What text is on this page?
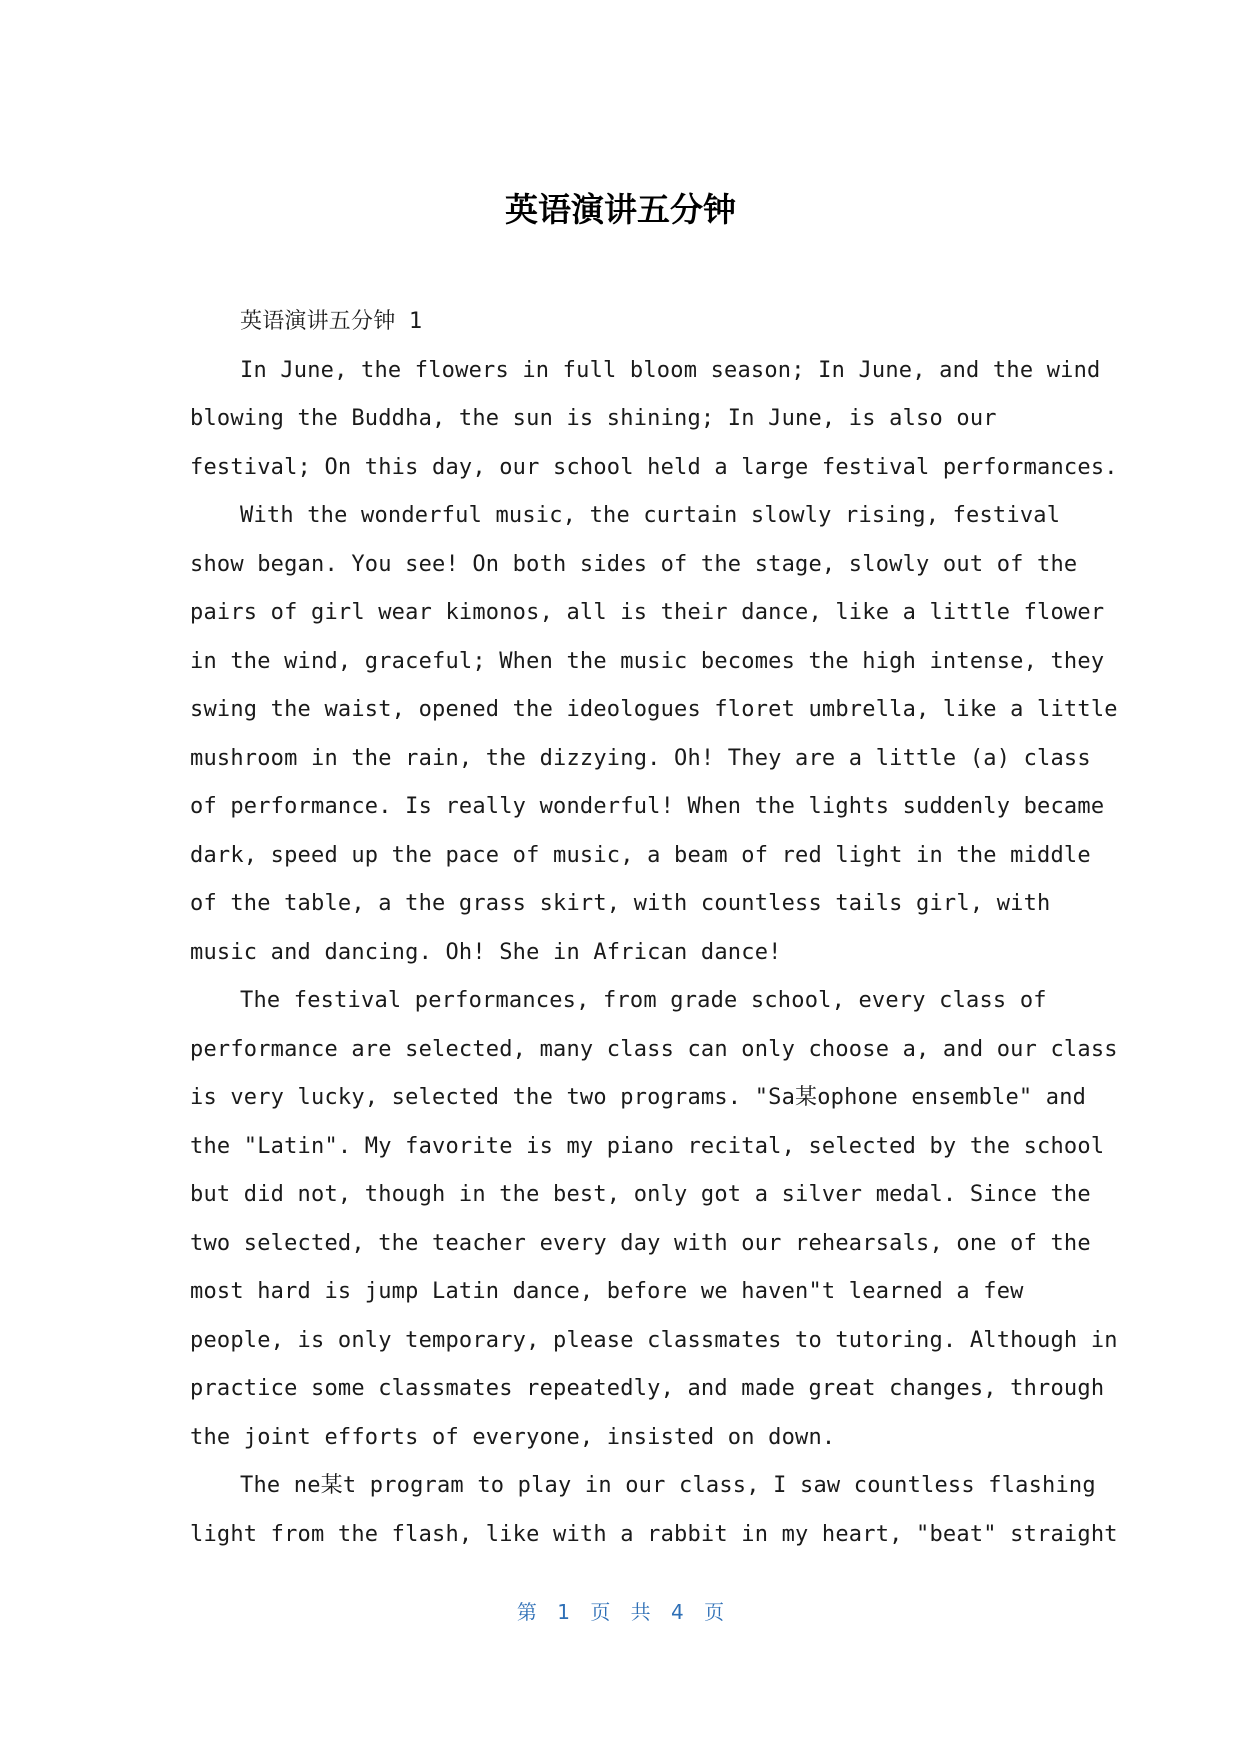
英语演讲五分钟

英语演讲五分钟 1

In June, the flowers in full bloom season; In June, and the wind

blowing the Buddha, the sun is shining; In June, is also our

festival; On this day, our school held a large festival performances.

With the wonderful music, the curtain slowly rising, festival

show began. You see! On both sides of the stage, slowly out of the

pairs of girl wear kimonos, all is their dance, like a little flower

in the wind, graceful; When the music becomes the high intense, they

swing the waist, opened the ideologues floret umbrella, like a little

mushroom in the rain, the dizzying. Oh! They are a little (a) class

of performance. Is really wonderful! When the lights suddenly became

dark, speed up the pace of music, a beam of red light in the middle

of the table, a the grass skirt, with countless tails girl, with

music and dancing. Oh! She in African dance!

The festival performances, from grade school, every class of

performance are selected, many class can only choose a, and our class

is very lucky, selected the two programs. "Sa某ophone ensemble" and

the "Latin". My favorite is my piano recital, selected by the school

but did not, though in the best, only got a silver medal. Since the

two selected, the teacher every day with our rehearsals, one of the

most hard is jump Latin dance, before we haven"t learned a few

people, is only temporary, please classmates to tutoring. Although in

practice some classmates repeatedly, and made great changes, through

the joint efforts of everyone, insisted on down.

The ne某t program to play in our class, I saw countless flashing

light from the flash, like with a rabbit in my heart, "beat" straight

第 1 页 共 4 页
